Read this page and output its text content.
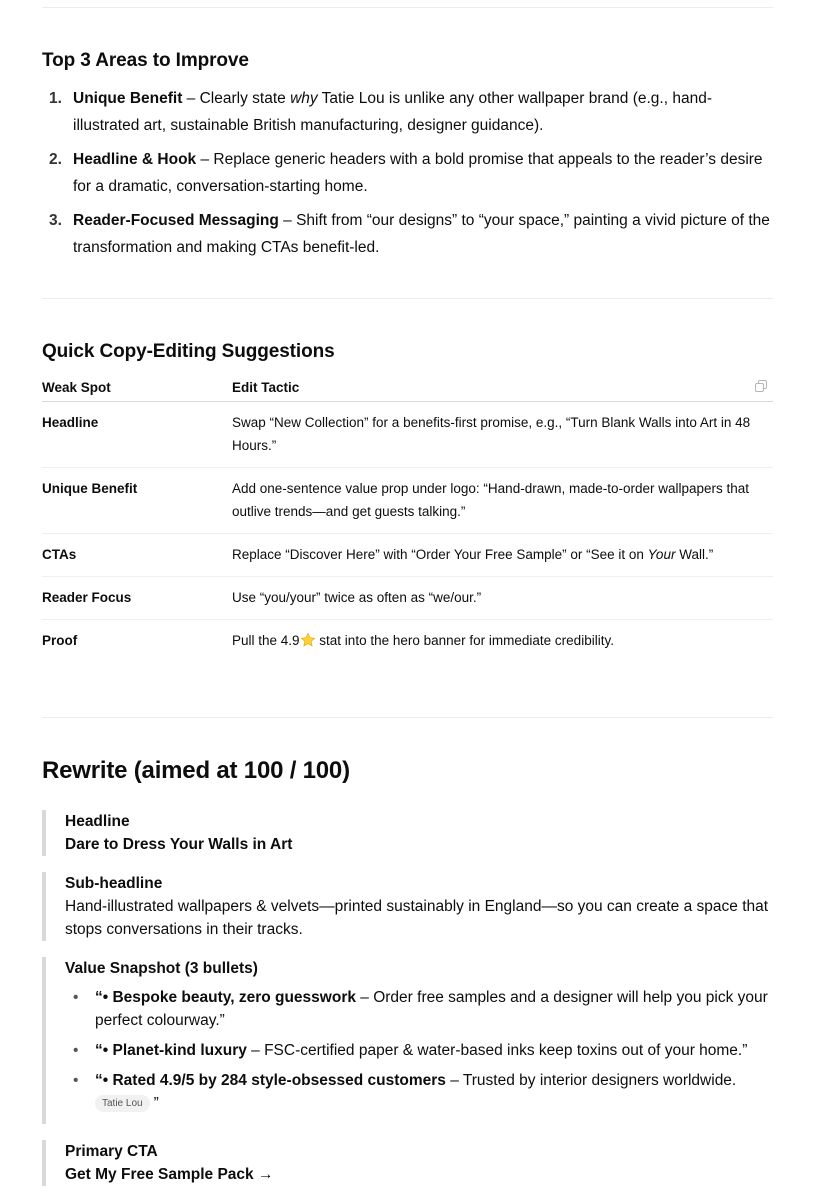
Top 3 Areas to Improve
1. Unique Benefit – Clearly state why Tatie Lou is unlike any other wallpaper brand (e.g., hand-illustrated art, sustainable British manufacturing, designer guidance).
2. Headline & Hook – Replace generic headers with a bold promise that appeals to the reader’s desire for a dramatic, conversation-starting home.
3. Reader-Focused Messaging – Shift from “our designs” to “your space,” painting a vivid picture of the transformation and making CTAs benefit-led.
Quick Copy-Editing Suggestions
Weak Spot	Edit Tactic

Headline	Swap “New Collection” for a benefits-first promise, e.g., “Turn Blank Walls into Art in 48 Hours.”
Unique Benefit	Add one-sentence value prop under logo: “Hand-drawn, made-to-order wallpapers that outlive trends—and get guests talking.”
CTAs	Replace “Discover Here” with “Order Your Free Sample” or “See it on Your Wall.”
Reader Focus	Use “you/your” twice as often as “we/our.”
Proof	Pull the 4.9 stat into the hero banner for immediate credibility.
Rewrite (aimed at 100 / 100)
Headline
Dare to Dress Your Walls in Art
Sub-headline
Hand-illustrated wallpapers & velvets—printed sustainably in England—so you can create a space that stops conversations in their tracks.
Value Snapshot (3 bullets)
• “• Bespoke beauty, zero guesswork – Order free samples and a designer will help you pick your perfect colourway.”
• “• Planet-kind luxury – FSC-certified paper & water-based inks keep toxins out of your home.”
• “• Rated 4.9/5 by 284 style-obsessed customers – Trusted by interior designers worldwide.
Tatie Lou ”
Primary CTA
Get My Free Sample Pack →
